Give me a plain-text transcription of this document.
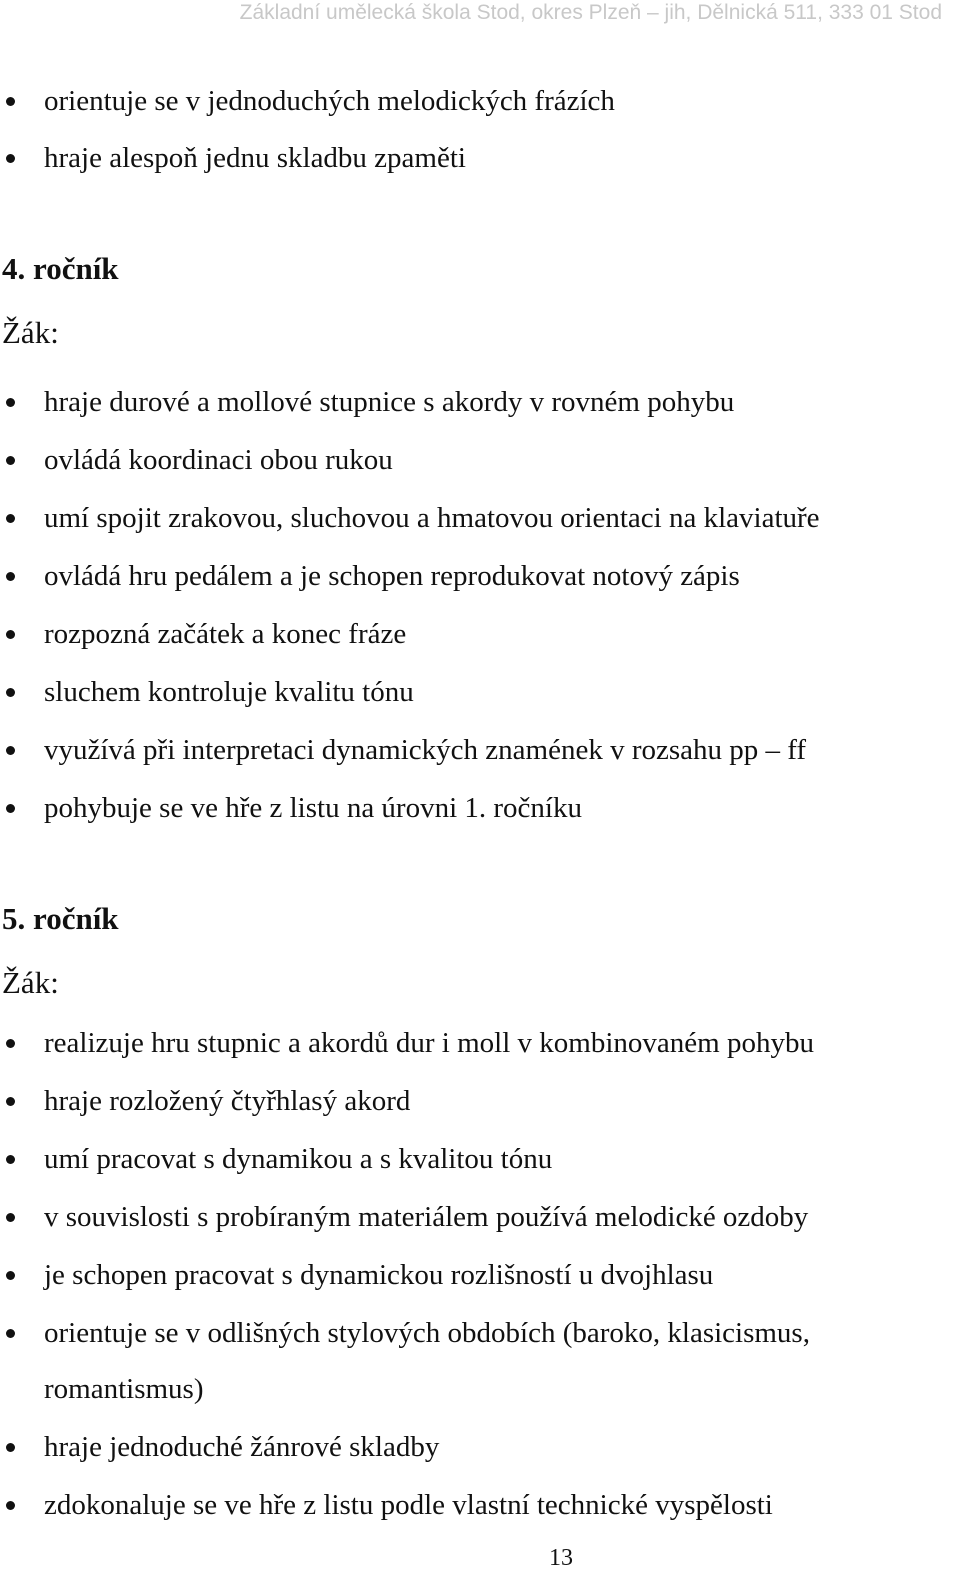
Základní umělecká škola Stod, okres Plzeň – jih, Dělnická 511, 333 01 Stod
orientuje se v jednoduchých melodických frázích
hraje alespoň jednu skladbu zpaměti
4. ročník
Žák:
hraje durové a mollové stupnice s akordy v rovném pohybu
ovládá koordinaci obou rukou
umí spojit zrakovou, sluchovou a hmatovou orientaci na klaviatuře
ovládá hru pedálem a je schopen reprodukovat notový zápis
rozpozná začátek a konec fráze
sluchem kontroluje kvalitu tónu
využívá při interpretaci dynamických znamének v rozsahu pp – ff
pohybuje se ve hře z listu na úrovni 1. ročníku
5. ročník
Žák:
realizuje hru stupnic a akordů dur i moll v kombinovaném pohybu
hraje rozložený čtyřhlasý akord
umí pracovat s dynamikou a s kvalitou tónu
v souvislosti s probíraným materiálem používá melodické ozdoby
je schopen pracovat s dynamickou rozlišností u dvojhlasu
orientuje se v odlišných stylových obdobích (baroko, klasicismus,
romantismus)
hraje jednoduché žánrové skladby
zdokonaluje se ve hře z listu podle vlastní technické vyspělosti
13
